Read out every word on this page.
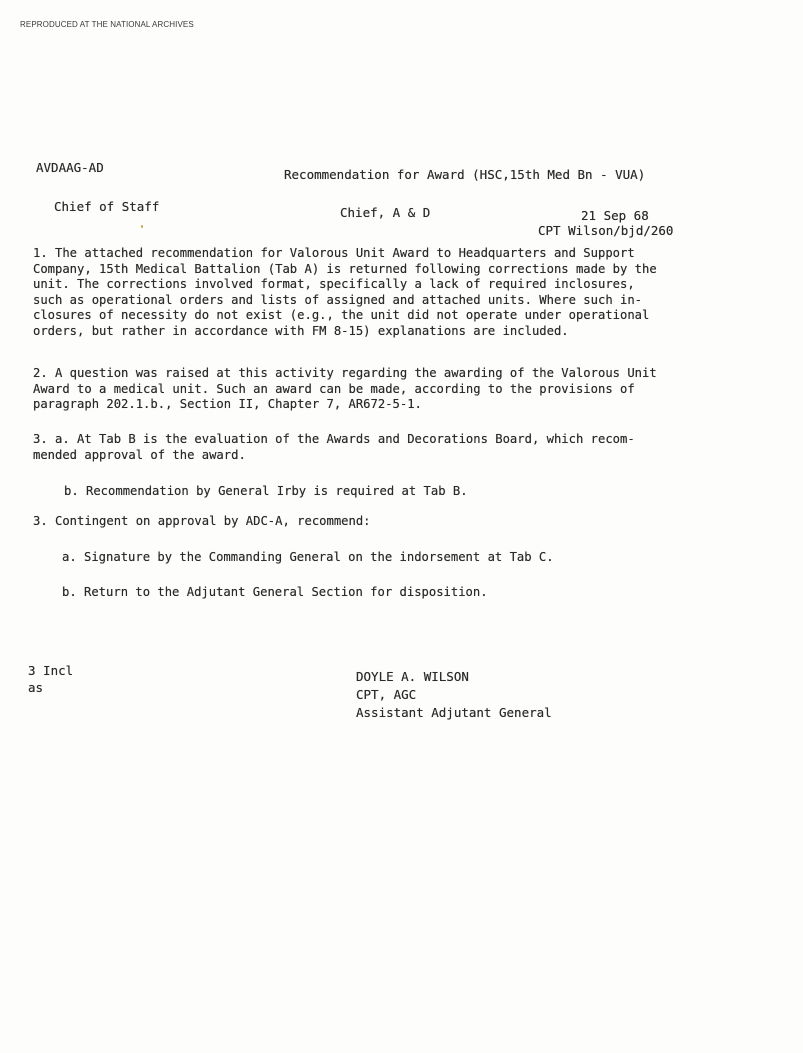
REPRODUCED AT THE NATIONAL ARCHIVES
AVDAAG-AD	Recommendation for Award (HSC,15th Med Bn - VUA)
Chief of Staff	Chief, A & D	21 Sep 68
CPT Wilson/bjd/260
1. The attached recommendation for Valorous Unit Award to Headquarters and Support
Company, 15th Medical Battalion (Tab A) is returned following corrections made by the
unit. The corrections involved format, specifically a lack of required inclosures,
such as operational orders and lists of assigned and attached units. Where such in-
closures of necessity do not exist (e.g., the unit did not operate under operational
orders, but rather in accordance with FM 8-15) explanations are included.
2. A question was raised at this activity regarding the awarding of the Valorous Unit
Award to a medical unit. Such an award can be made, according to the provisions of
paragraph 202.1.b., Section II, Chapter 7, AR672-5-1.
3. a. At Tab B is the evaluation of the Awards and Decorations Board, which recom-
mended approval of the award.
b. Recommendation by General Irby is required at Tab B.
3. Contingent on approval by ADC-A, recommend:
a. Signature by the Commanding General on the indorsement at Tab C.
b. Return to the Adjutant General Section for disposition.
3 Incl
as
DOYLE A. WILSON
CPT, AGC
Assistant Adjutant General
